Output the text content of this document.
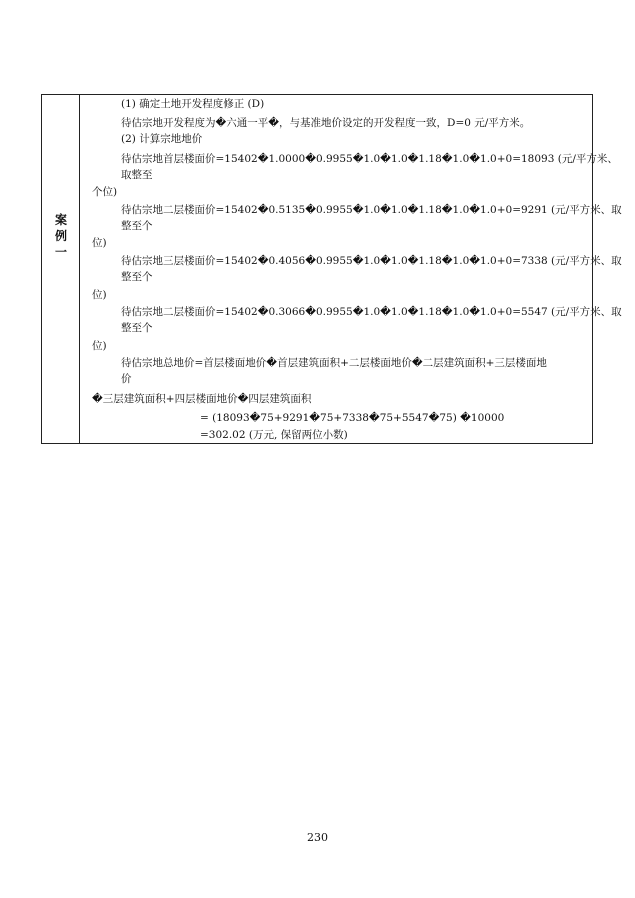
案
例
一
(1) 确定土地开发程度修正 (D)
待估宗地开发程度为�六通一平�，与基准地价设定的开发程度一致，D=0 元/平方米。
(2) 计算宗地地价
待估宗地首层楼面价=15402�1.0000�0.9955�1.0�1.0�1.18�1.0�1.0+0=18093 (元/平方米、
取整至
个位)
待估宗地二层楼面价=15402�0.5135�0.9955�1.0�1.0�1.18�1.0�1.0+0=9291 (元/平方米、取
整至个
位)
待估宗地三层楼面价=15402�0.4056�0.9955�1.0�1.0�1.18�1.0�1.0+0=7338 (元/平方米、取
整至个
位)
待估宗地二层楼面价=15402�0.3066�0.9955�1.0�1.0�1.18�1.0�1.0+0=5547 (元/平方米、取
整至个
位)
待估宗地总地价=首层楼面地价�首层建筑面积+二层楼面地价�二层建筑面积+三层楼面地
价
�三层建筑面积+四层楼面地价�四层建筑面积
= (18093�75+9291�75+7338�75+5547�75) �10000
=302.02 (万元, 保留两位小数)
230
